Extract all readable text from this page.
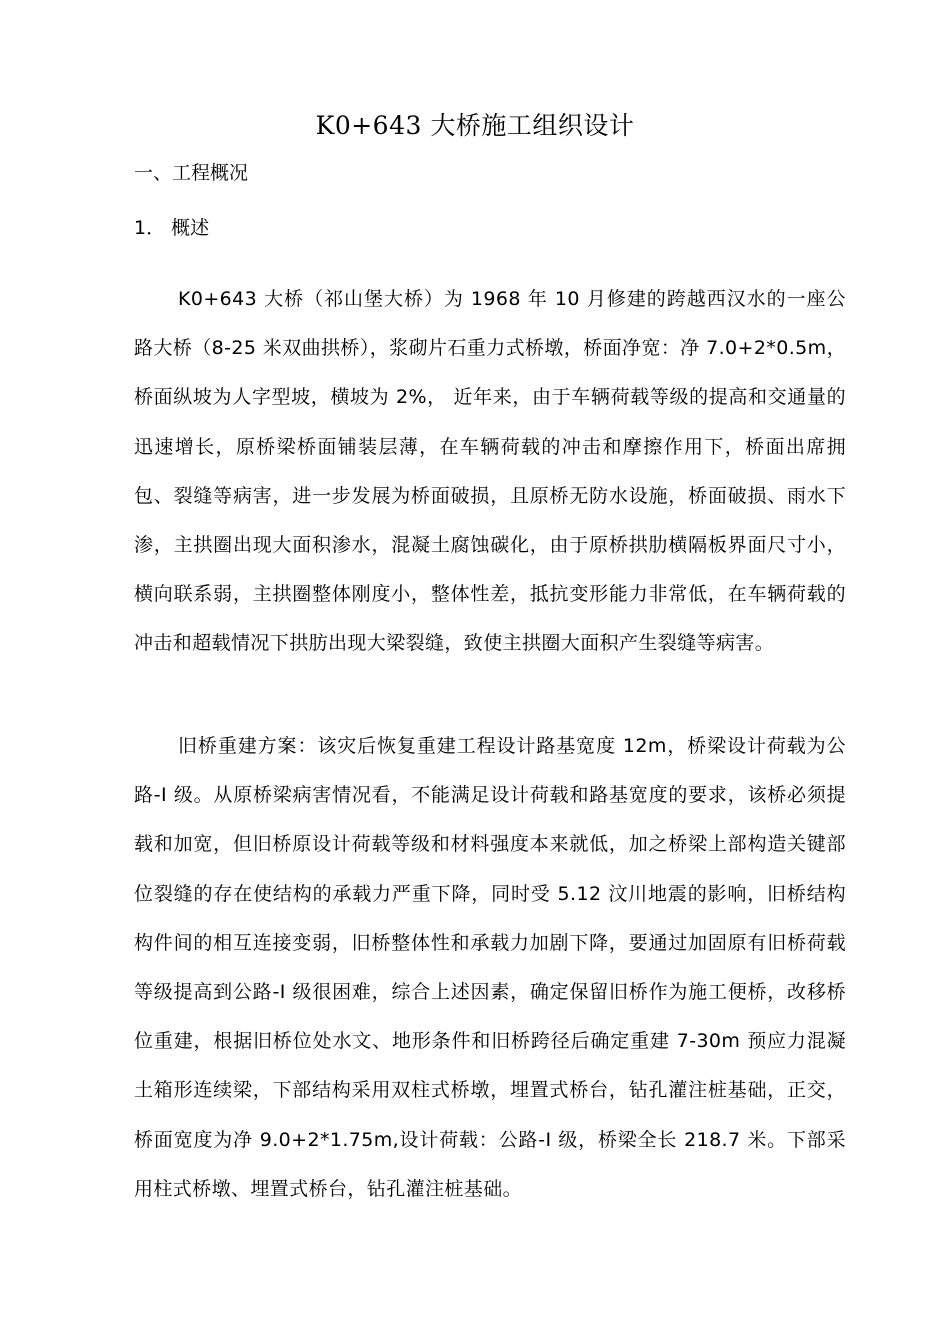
K0+643 大桥施工组织设计
一、工程概况
1． 概述

K0+643 大桥（祁山堡大桥）为 1968 年 10 月修建的跨越西汉水的一座公路大桥（8-25 米双曲拱桥），浆砌片石重力式桥墩，桥面净宽：净 7.0+2*0.5m，桥面纵坡为人字型坡，横坡为 2%， 近年来，由于车辆荷载等级的提高和交通量的迅速增长，原桥梁桥面铺装层薄，在车辆荷载的冲击和摩擦作用下，桥面出席拥包、裂缝等病害，进一步发展为桥面破损，且原桥无防水设施，桥面破损、雨水下渗，主拱圈出现大面积渗水，混凝土腐蚀碳化，由于原桥拱肋横隔板界面尺寸小，横向联系弱，主拱圈整体刚度小，整体性差，抵抗变形能力非常低，在车辆荷载的冲击和超载情况下拱肪出现大梁裂缝，致使主拱圈大面积产生裂缝等病害。

旧桥重建方案：该灾后恢复重建工程设计路基宽度 12m，桥梁设计荷载为公路-I 级。从原桥梁病害情况看，不能满足设计荷载和路基宽度的要求，该桥必须提载和加宽，但旧桥原设计荷载等级和材料强度本来就低，加之桥梁上部构造关键部位裂缝的存在使结构的承载力严重下降，同时受 5.12 汶川地震的影响，旧桥结构构件间的相互连接变弱，旧桥整体性和承载力加剧下降，要通过加固原有旧桥荷载等级提高到公路-I 级很困难，综合上述因素，确定保留旧桥作为施工便桥，改移桥位重建，根据旧桥位处水文、地形条件和旧桥跨径后确定重建 7-30m 预应力混凝土箱形连续梁，下部结构采用双柱式桥墩，埋置式桥台，钻孔灌注桩基础，正交，桥面宽度为净 9.0+2*1.75m,设计荷载：公路-I 级，桥梁全长 218.7 米。下部采用柱式桥墩、埋置式桥台，钻孔灌注桩基础。
